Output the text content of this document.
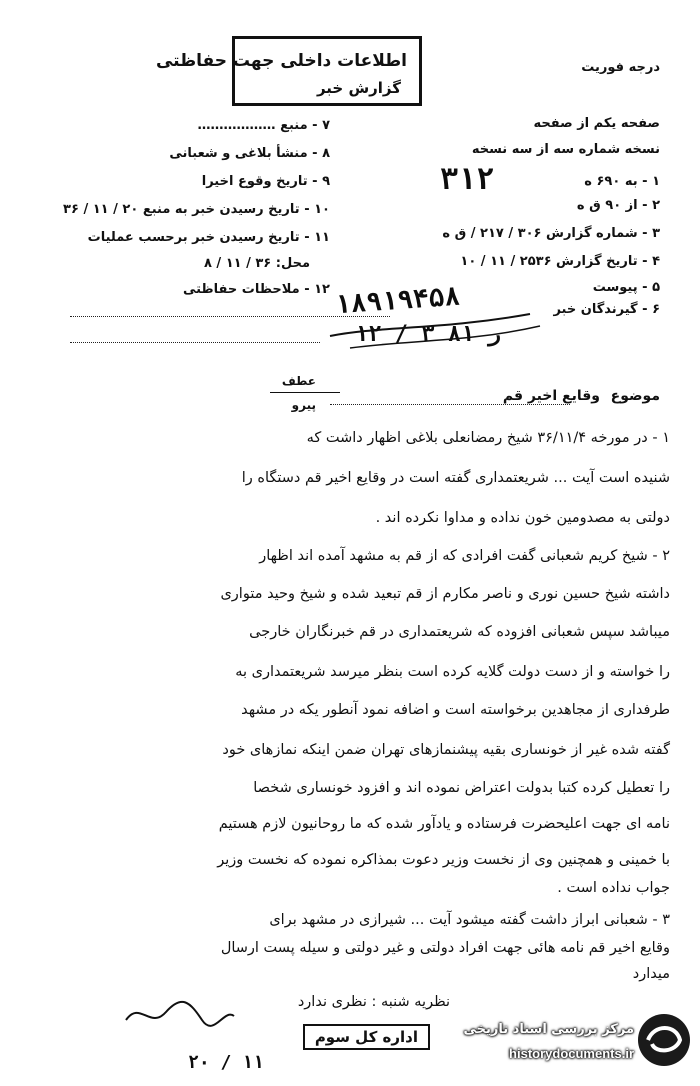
اطلاعات داخلی جهت حفاظتی
گزارش خبر
درجه فوریت
۷ - منبع ………………
۸ - منشأ بلاغی و شعبانی
۹ - تاریخ وقوع اخیرا
۱۰ - تاریخ رسیدن خبر به منبع ۲۰ / ۱۱ / ۳۶
۱۱ - تاریخ رسیدن خبر برحسب عملیات
محل: ۳۶ / ۱۱ / ۸
۱۲ - ملاحظات حفاظتی
صفحه یکم از صفحه
نسخه شماره سه از سه نسخه
۱ - به ۶۹۰ ه
۲ - از ۹۰ ق ه
۳ - شماره گزارش ۳۰۶ / ۲۱۷ / ق ه
۴ - تاریخ گزارش ۲۵۳۶ / ۱۱ / ۱۰
۵ - پیوست
۶ - گیرندگان خبر
۳۱۲
۱۸۹۱۹۴۵۸
۱۲ / ۳ ر ۸۱
موضوع
وقایع اخیر قم
عطف
پیرو
۱ - در مورخه ۳۶/۱۱/۴ شیخ رمضانعلی بلاغی اظهار داشت که
شنیده است آیت ... شریعتمداری گفته است در وقایع اخیر قم دستگاه را
دولتی به مصدومین خون نداده و مداوا نکرده اند .
۲ - شیخ کریم شعبانی گفت افرادی که از قم به مشهد آمده اند اظهار
داشته شیخ حسین نوری و ناصر مکارم از قم تبعید شده و شیخ وحید متواری
میباشد سپس شعبانی افزوده که شریعتمداری در قم خبرنگاران خارجی
را خواسته و از دست دولت گلایه کرده است بنظر میرسد شریعتمداری به
طرفداری از مجاهدین برخواسته است و اضافه نمود آنطور یکه در مشهد
گفته شده غیر از خونساری بقیه پیشنمازهای تهران ضمن اینکه نمازهای خود
را تعطیل کرده کتبا بدولت اعتراض نموده اند و افزود خونساری شخصا
نامه ای جهت اعلیحضرت فرستاده و یادآور شده که ما روحانیون لازم هستیم
با خمینی و همچنین وی از نخست وزیر دعوت بمذاکره نموده که نخست وزیر
جواب نداده است .
۳ - شعبانی ابراز داشت گفته میشود آیت ... شیرازی در مشهد برای
وقایع اخیر قم نامه هائی جهت افراد دولتی و غیر دولتی و سیله پست ارسال
میدارد
نظریه شنبه : نظری ندارد
اداره کل سوم
۲۰ / ۱۱
مرکز بررسی اسناد تاریخی
historydocuments.ir
